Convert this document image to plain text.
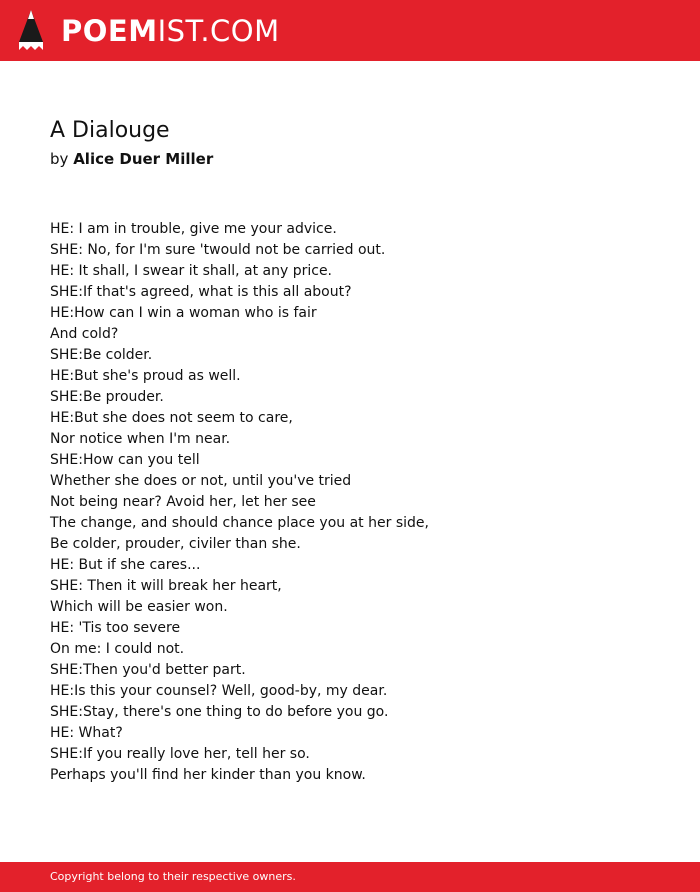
POEMIST.COM
A Dialouge
by Alice Duer Miller
HE: I am in trouble, give me your advice.
SHE: No, for I'm sure 'twould not be carried out.
HE: It shall, I swear it shall, at any price.
SHE:If that's agreed, what is this all about?
HE:How can I win a woman who is fair
And cold?
SHE:Be colder.
HE:But she's proud as well.
SHE:Be prouder.
HE:But she does not seem to care,
Nor notice when I'm near.
SHE:How can you tell
Whether she does or not, until you've tried
Not being near? Avoid her, let her see
The change, and should chance place you at her side,
Be colder, prouder, civiler than she.
HE: But if she cares...
SHE: Then it will break her heart,
Which will be easier won.
HE: 'Tis too severe
On me: I could not.
SHE:Then you'd better part.
HE:Is this your counsel? Well, good-by, my dear.
SHE:Stay, there's one thing to do before you go.
HE: What?
SHE:If you really love her, tell her so.
Perhaps you'll find her kinder than you know.
Copyright belong to their respective owners.
